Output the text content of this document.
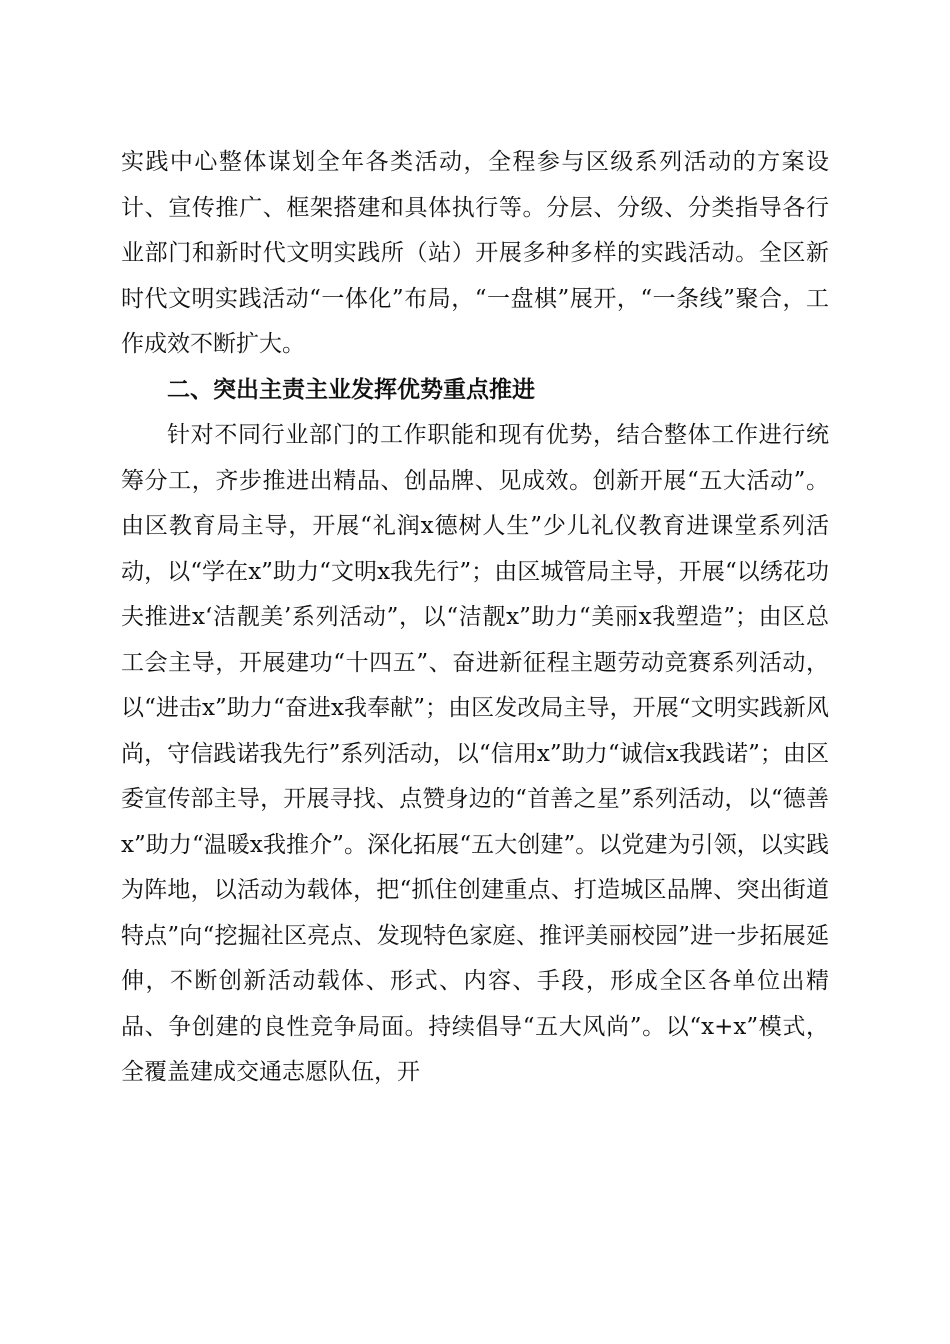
实践中心整体谋划全年各类活动，全程参与区级系列活动的方案设计、宣传推广、框架搭建和具体执行等。分层、分级、分类指导各行业部门和新时代文明实践所（站）开展多种多样的实践活动。全区新时代文明实践活动“一体化”布局，“一盘棋”展开，“一条线”聚合，工作成效不断扩大。

二、突出主责主业发挥优势重点推进

针对不同行业部门的工作职能和现有优势，结合整体工作进行统筹分工，齐步推进出精品、创品牌、见成效。创新开展“五大活动”。由区教育局主导，开展“礼润x德树人生”少儿礼仪教育进课堂系列活动，以“学在x”助力“文明x我先行”；由区城管局主导，开展“以绣花功夫推进x‘洁靓美’系列活动”，以“洁靓x”助力“美丽x我塑造”；由区总工会主导，开展建功“十四五”、奋进新征程主题劳动竞赛系列活动，以“进击x”助力“奋进x我奉献”；由区发改局主导，开展“文明实践新风尚，守信践诺我先行”系列活动，以“信用x”助力“诚信x我践诺”；由区委宣传部主导，开展寻找、点赞身边的“首善之星”系列活动，以“德善x”助力“温暖x我推介”。深化拓展“五大创建”。以党建为引领，以实践为阵地，以活动为载体，把“抓住创建重点、打造城区品牌、突出街道特点”向“挖掘社区亮点、发现特色家庭、推评美丽校园”进一步拓展延伸，不断创新活动载体、形式、内容、手段，形成全区各单位出精品、争创建的良性竞争局面。持续倡导“五大风尚”。以“x+x”模式，全覆盖建成交通志愿队伍，开
